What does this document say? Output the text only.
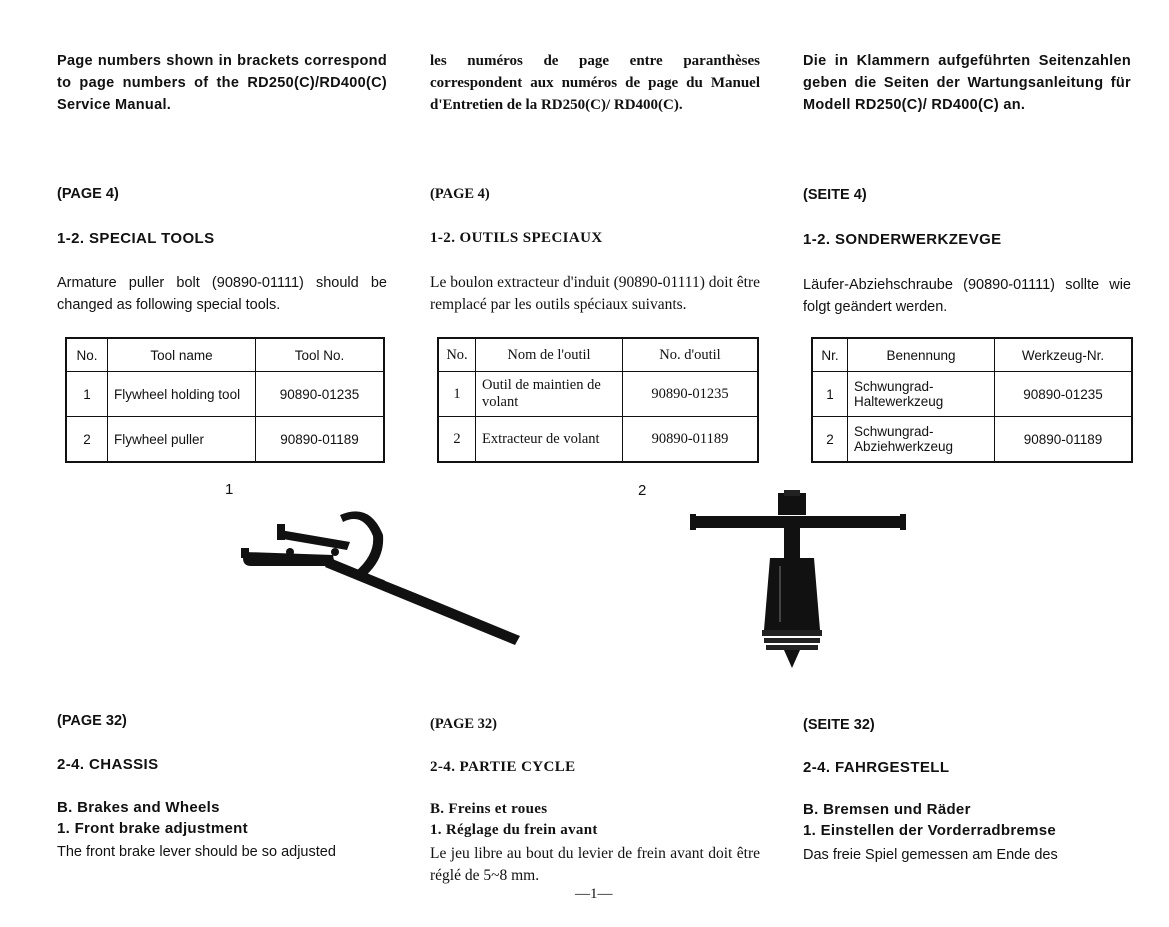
Page numbers shown in brackets correspond to page numbers of the RD250(C)/RD400(C) Service Manual.

(PAGE 4)

1-2. SPECIAL TOOLS

Armature puller bolt (90890-01111) should be changed as following special tools.

No.	Tool name	Tool No.
1	Flywheel holding tool	90890-01235
2	Flywheel puller	90890-01189

(PAGE 32)

2-4. CHASSIS

B. Brakes and Wheels

1. Front brake adjustment

The front brake lever should be so adjusted

les numéros de page entre paranthèses correspondent aux numéros de page du Manuel d'Entretien de la RD250(C)/ RD400(C).

(PAGE 4)

1-2. OUTILS SPECIAUX

Le boulon extracteur d'induit (90890-01111) doit être remplacé par les outils spéciaux suivants.

No.	Nom de l'outil	No. d'outil
1	Outil de maintien de volant	90890-01235
2	Extracteur de volant	90890-01189

(PAGE 32)

2-4. PARTIE CYCLE

B. Freins et roues

1. Réglage du frein avant

Le jeu libre au bout du levier de frein avant doit être réglé de 5~8 mm.

Die in Klammern aufgeführten Seitenzahlen geben die Seiten der Wartungsanleitung für Modell RD250(C)/ RD400(C) an.

(SEITE 4)

1-2. SONDERWERKZEVGE

Läufer-Abziehschraube (90890-01111) sollte wie folgt geändert werden.

Nr.	Benennung	Werkzeug-Nr.
1	Schwungrad-Haltewerkzeug	90890-01235
2	Schwungrad-Abziehwerkzeug	90890-01189

(SEITE 32)

2-4. FAHRGESTELL

B. Bremsen und Räder

1. Einstellen der Vorderradbremse

Das freie Spiel gemessen am Ende des

1	2
—1—
